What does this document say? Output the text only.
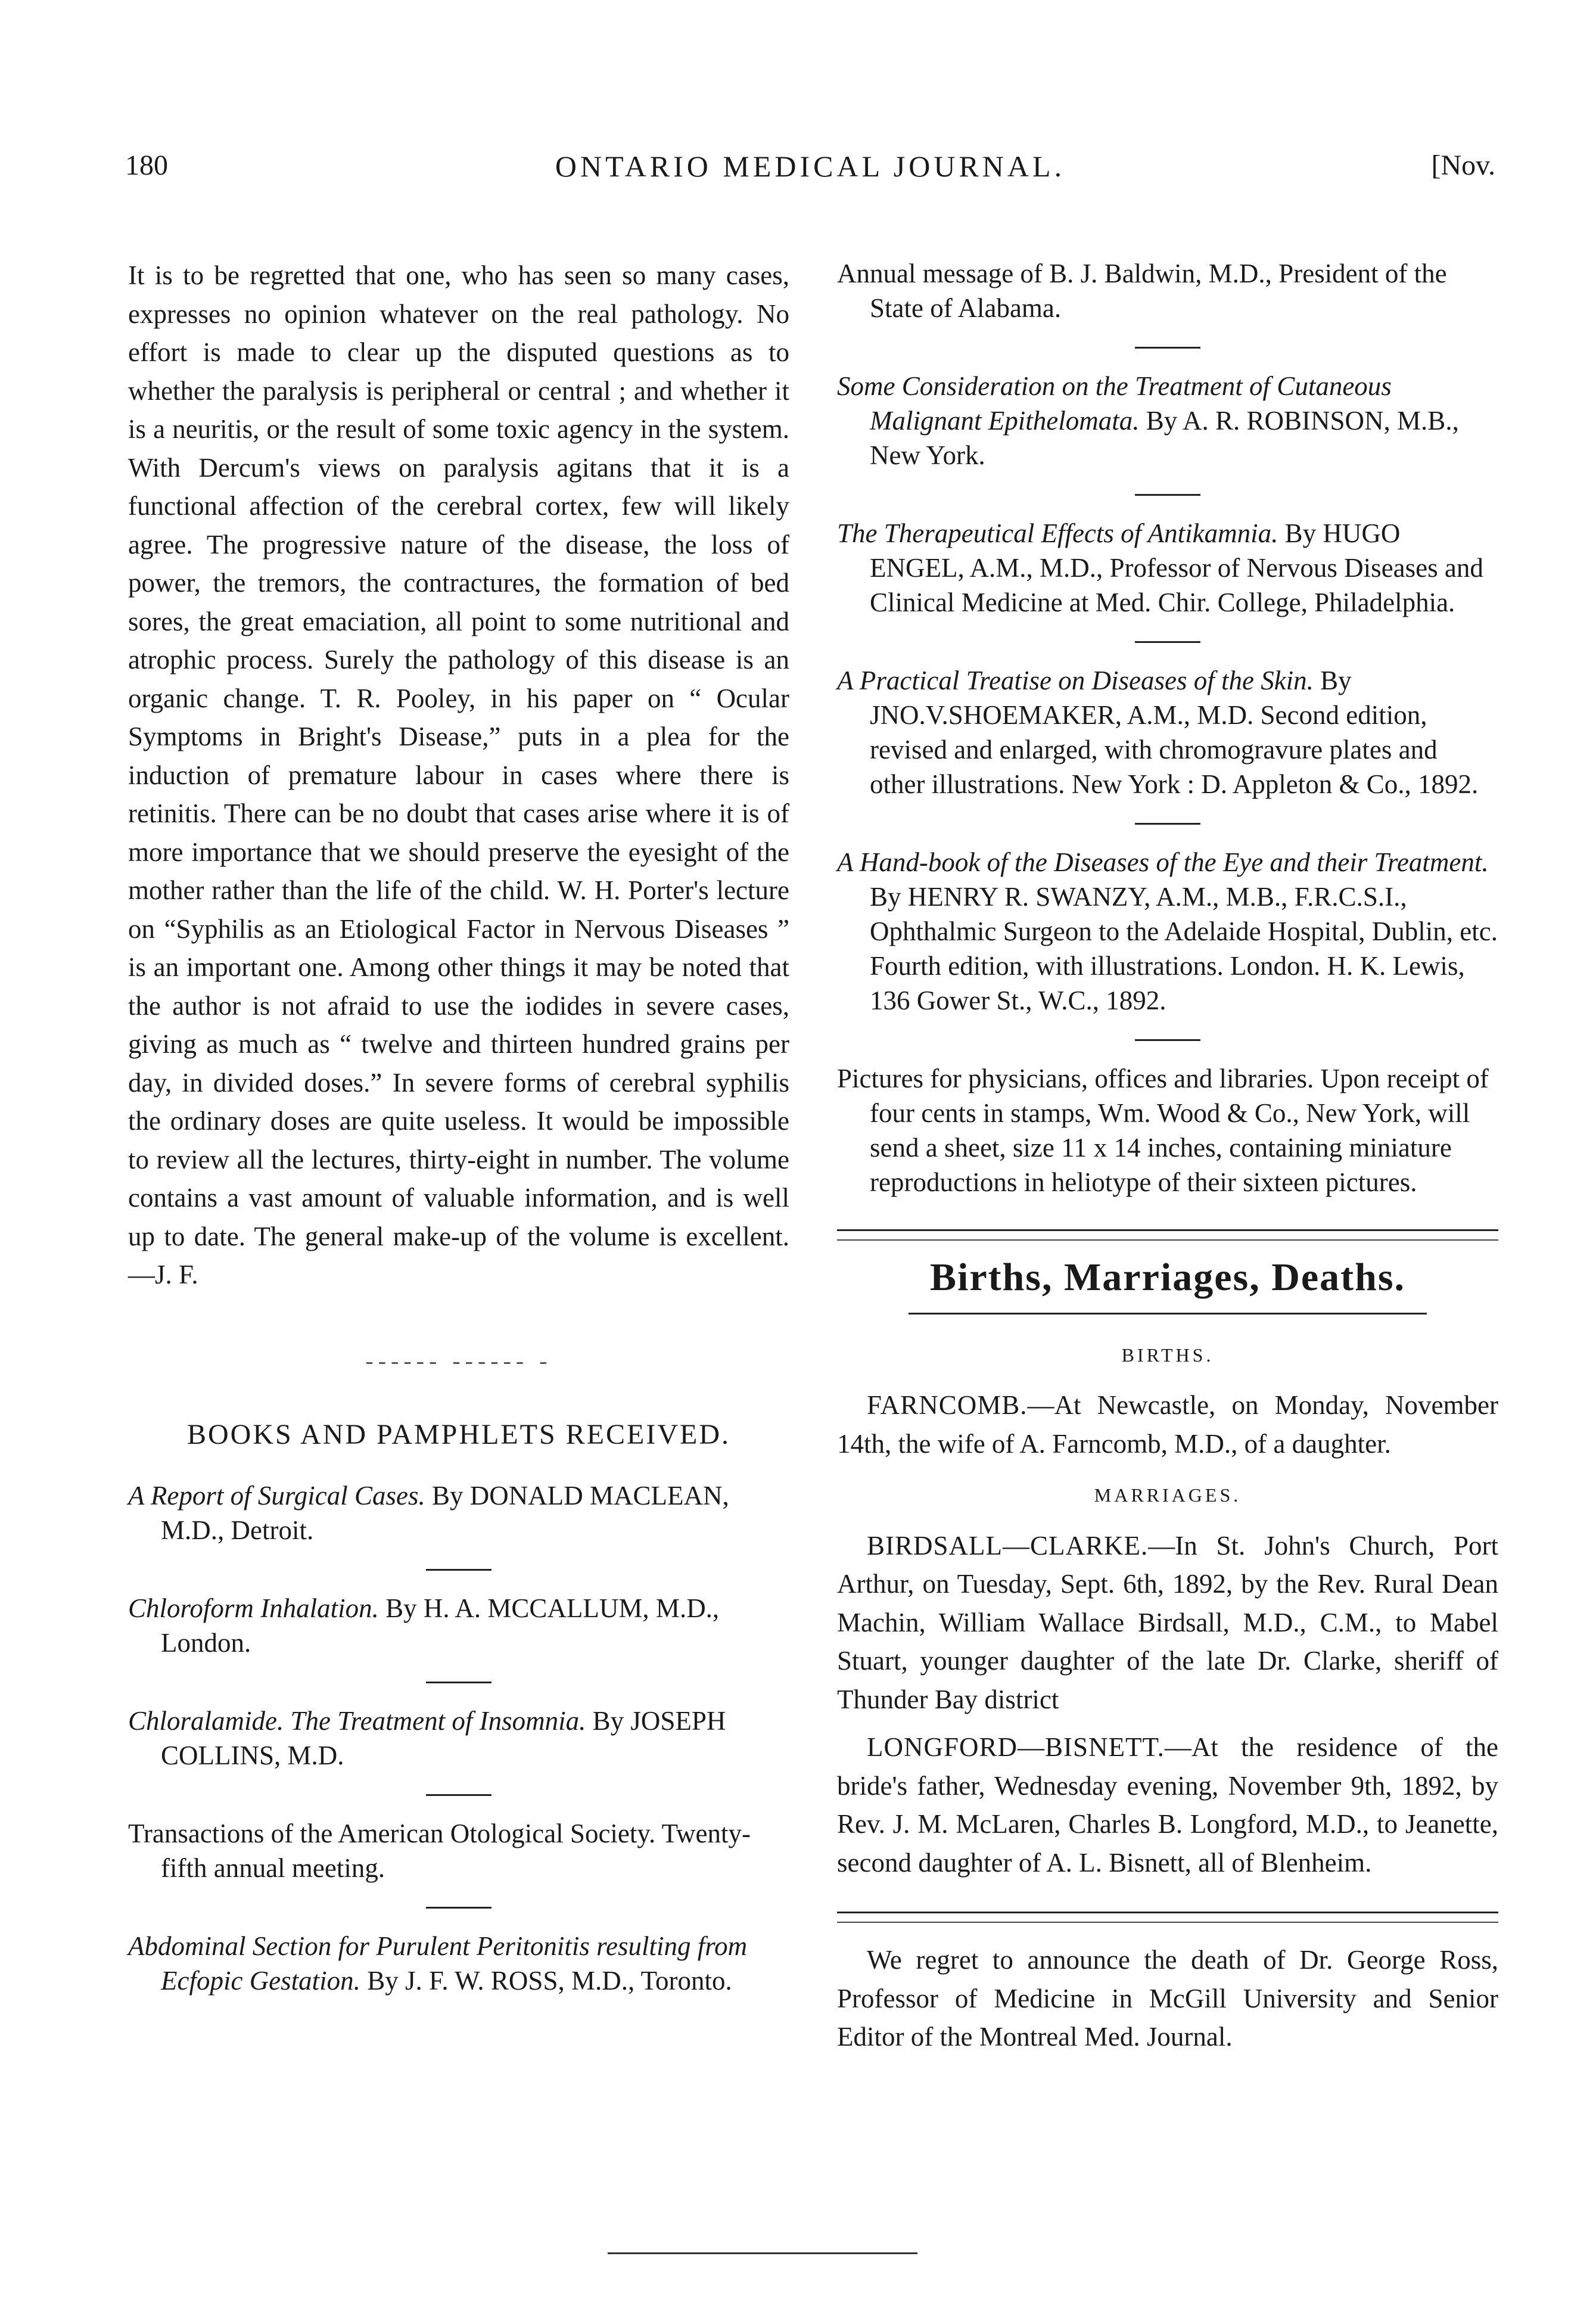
180	ONTARIO MEDICAL JOURNAL.	[Nov.

It is to be regretted that one, who has seen so many cases, expresses no opinion whatever on the real pathology. No effort is made to clear up the disputed questions as to whether the paralysis is peripheral or central ; and whether it is a neuritis, or the result of some toxic agency in the system. With Dercum's views on paralysis agitans that it is a functional affection of the cerebral cortex, few will likely agree. The progressive nature of the disease, the loss of power, the tremors, the contractures, the formation of bed sores, the great emaciation, all point to some nutritional and atrophic process. Surely the pathology of this disease is an organic change. T. R. Pooley, in his paper on “ Ocular Symptoms in Bright's Disease,” puts in a plea for the induction of premature labour in cases where there is retinitis. There can be no doubt that cases arise where it is of more importance that we should preserve the eyesight of the mother rather than the life of the child. W. H. Porter's lecture on “Syphilis as an Etiological Factor in Nervous Diseases ” is an important one. Among other things it may be noted that the author is not afraid to use the iodides in severe cases, giving as much as “ twelve and thirteen hundred grains per day, in divided doses.” In severe forms of cerebral syphilis the ordinary doses are quite useless. It would be impossible to review all the lectures, thirty-eight in number. The volume contains a vast amount of valuable information, and is well up to date. The general make-up of the volume is excellent.—J. F.

------ ------ -
BOOKS AND PAMPHLETS RECEIVED.

A Report of Surgical Cases. By DONALD MACLEAN, M.D., Detroit.

Chloroform Inhalation. By H. A. MCCALLUM, M.D., London.

Chloralamide. The Treatment of Insomnia. By JOSEPH COLLINS, M.D.

Transactions of the American Otological Society. Twenty-fifth annual meeting.

Abdominal Section for Purulent Peritonitis resulting from Ecfopic Gestation. By J. F. W. ROSS, M.D., Toronto.

Annual message of B. J. Baldwin, M.D., President of the State of Alabama.

Some Consideration on the Treatment of Cutaneous Malignant Epithelomata. By A. R. ROBINSON, M.B., New York.

The Therapeutical Effects of Antikamnia. By HUGO ENGEL, A.M., M.D., Professor of Nervous Diseases and Clinical Medicine at Med. Chir. College, Philadelphia.

A Practical Treatise on Diseases of the Skin. By JNO.V.SHOEMAKER, A.M., M.D. Second edition, revised and enlarged, with chromogravure plates and other illustrations. New York : D. Appleton & Co., 1892.

A Hand-book of the Diseases of the Eye and their Treatment. By HENRY R. SWANZY, A.M., M.B., F.R.C.S.I., Ophthalmic Surgeon to the Adelaide Hospital, Dublin, etc. Fourth edition, with illustrations. London. H. K. Lewis, 136 Gower St., W.C., 1892.

Pictures for physicians, offices and libraries. Upon receipt of four cents in stamps, Wm. Wood & Co., New York, will send a sheet, size 11 x 14 inches, containing miniature reproductions in heliotype of their sixteen pictures.

Births, Marriages, Deaths.
BIRTHS.

FARNCOMB.—At Newcastle, on Monday, November 14th, the wife of A. Farncomb, M.D., of a daughter.

MARRIAGES.

BIRDSALL—CLARKE.—In St. John's Church, Port Arthur, on Tuesday, Sept. 6th, 1892, by the Rev. Rural Dean Machin, William Wallace Birdsall, M.D., C.M., to Mabel Stuart, younger daughter of the late Dr. Clarke, sheriff of Thunder Bay district

LONGFORD—BISNETT.—At the residence of the bride's father, Wednesday evening, November 9th, 1892, by Rev. J. M. McLaren, Charles B. Longford, M.D., to Jeanette, second daughter of A. L. Bisnett, all of Blenheim.

We regret to announce the death of Dr. George Ross, Professor of Medicine in McGill University and Senior Editor of the Montreal Med. Journal.
